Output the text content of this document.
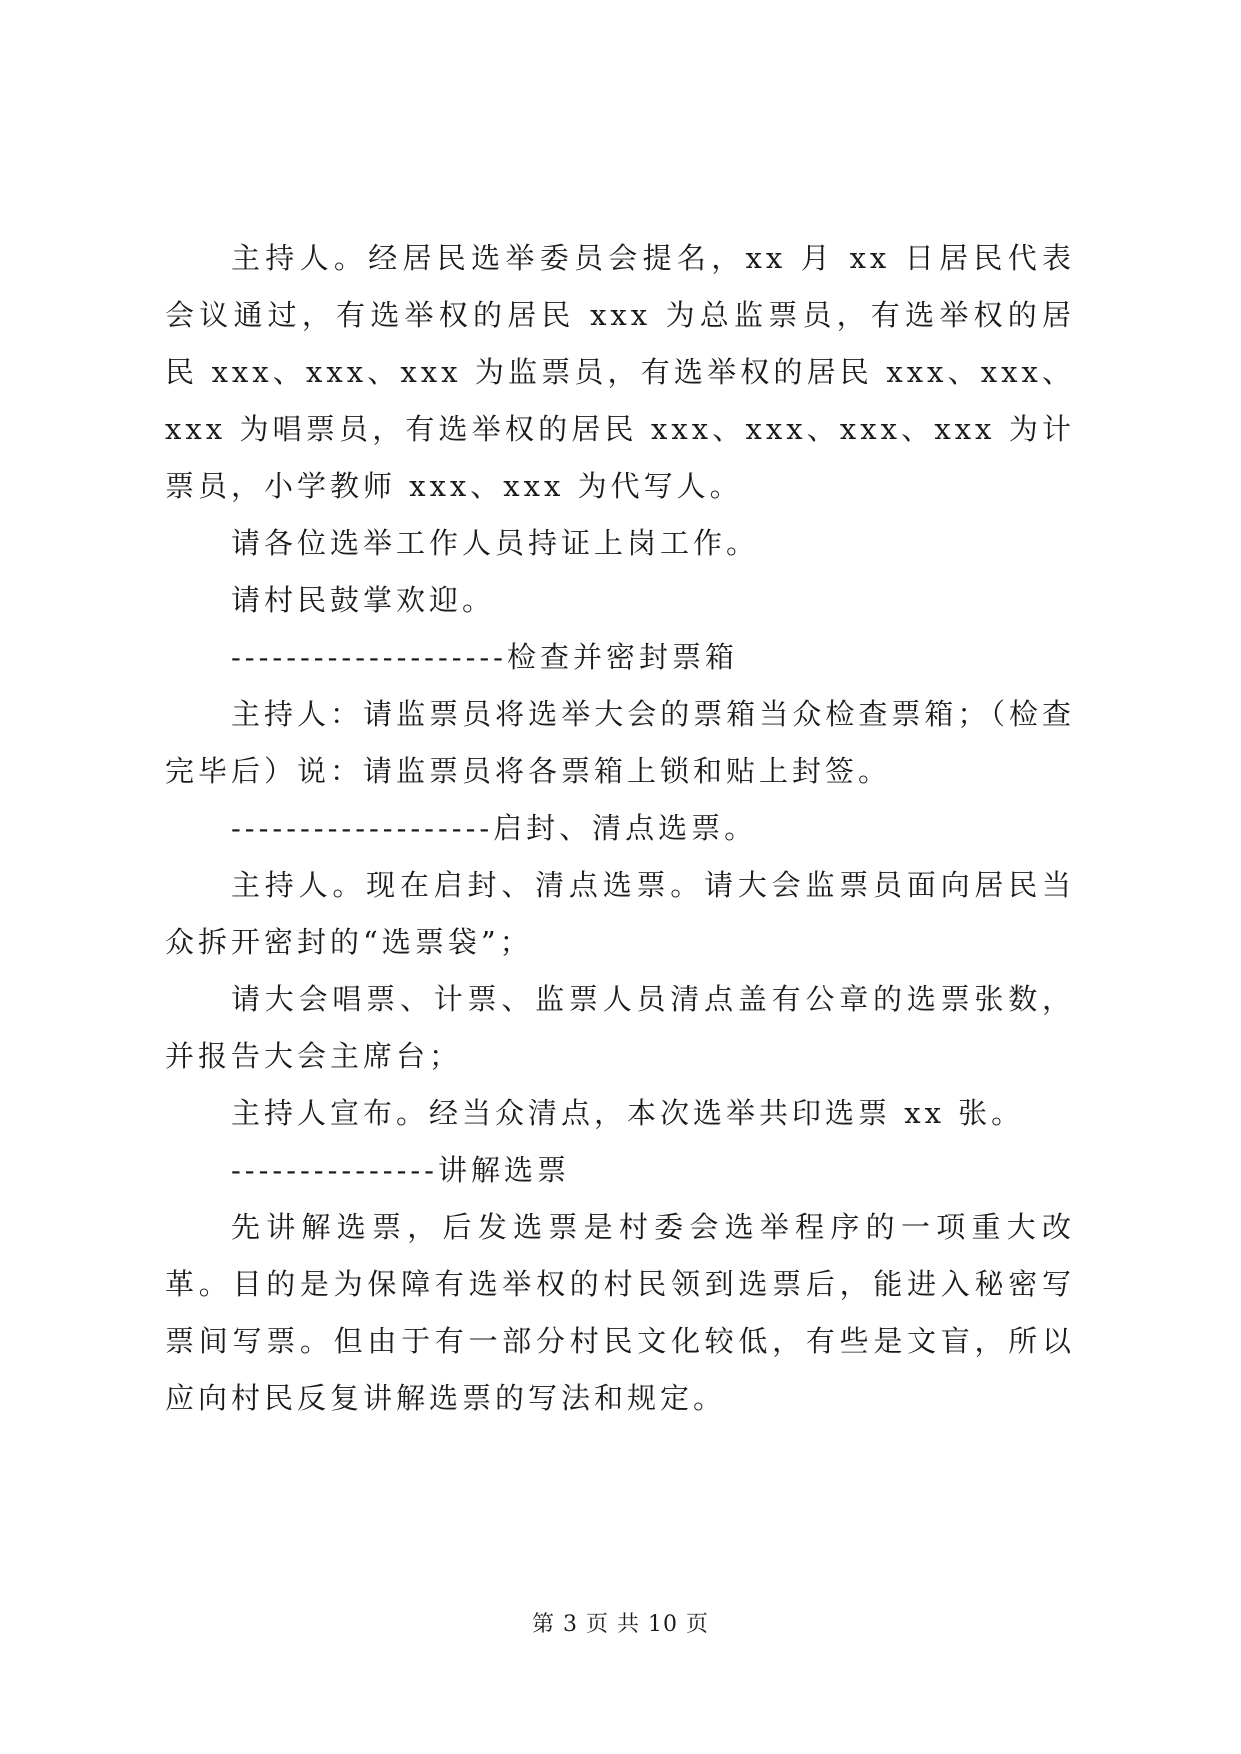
主持人。经居民选举委员会提名，xx 月 xx 日居民代表会议通过，有选举权的居民 xxx 为总监票员，有选举权的居民 xxx、xxx、xxx 为监票员，有选举权的居民 xxx、xxx、xxx 为唱票员，有选举权的居民 xxx、xxx、xxx、xxx 为计票员，小学教师 xxx、xxx 为代写人。

请各位选举工作人员持证上岗工作。

请村民鼓掌欢迎。

--------------------检查并密封票箱

主持人：请监票员将选举大会的票箱当众检查票箱；（检查完毕后）说：请监票员将各票箱上锁和贴上封签。

-------------------启封、清点选票。

主持人。现在启封、清点选票。请大会监票员面向居民当众拆开密封的“选票袋”；

请大会唱票、计票、监票人员清点盖有公章的选票张数，并报告大会主席台；

主持人宣布。经当众清点，本次选举共印选票 xx 张。

---------------讲解选票

先讲解选票，后发选票是村委会选举程序的一项重大改革。目的是为保障有选举权的村民领到选票后，能进入秘密写票间写票。但由于有一部分村民文化较低，有些是文盲，所以应向村民反复讲解选票的写法和规定。

第 3 页 共 10 页
